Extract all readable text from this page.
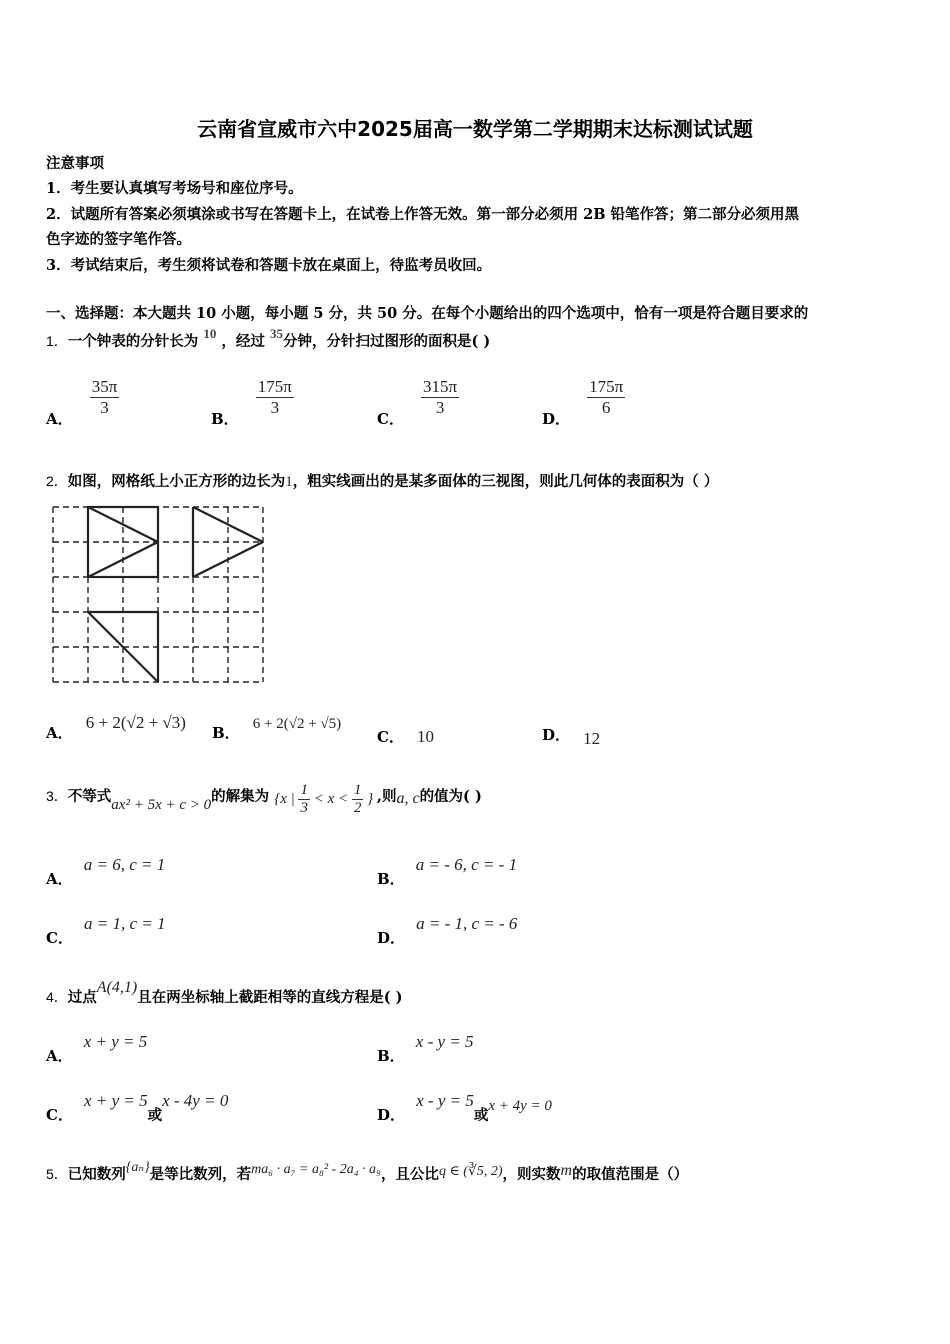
云南省宣威市六中2025届高一数学第二学期期末达标测试试题
注意事项
1．考生要认真填写考场号和座位序号。
2．试题所有答案必须填涂或书写在答题卡上，在试卷上作答无效。第一部分必须用 2B 铅笔作答；第二部分必须用黑
色字迹的签字笔作答。
3．考试结束后，考生须将试卷和答题卡放在桌面上，待监考员收回。
一、选择题：本大题共 10 小题，每小题 5 分，共 50 分。在每个小题给出的四个选项中，恰有一项是符合题目要求的
1．一个钟表的分针长为 10 ，经过 35分钟，分针扫过图形的面积是( )
A．
$\frac{35\pi}{3}$
B．
$\frac{175\pi}{3}$
C．
$\frac{315\pi}{3}$
D．
$\frac{175\pi}{6}$
2．如图，网格纸上小正方形的边长为1，粗实线画出的是某多面体的三视图，则此几何体的表面积为（ ）
A． 6 + 2(√2 + √3)
B． 6 + 2(√2 + √5)
C． 10	D． 12
3．不等式ax² + 5x + c > 0的解集为 {x | $\frac{1}{3} < x < \frac{1}{2}$ } ,则a, c的值为( )
A． a = 6, c = 1
B． a = - 6, c = - 1
C． a = 1, c = 1
D． a = - 1, c = - 6
4．过点A(4,1)且在两坐标轴上截距相等的直线方程是( )
A． x + y = 5
B． x - y = 5
C． x + y = 5或x - 4y = 0
D． x - y = 5或x + 4y = 0
5．已知数列{aₙ}是等比数列，若ma₆ · a₇ = a₈² - 2a₄ · a₉，且公比q ∈ (∛5, 2)，则实数m的取值范围是（）
